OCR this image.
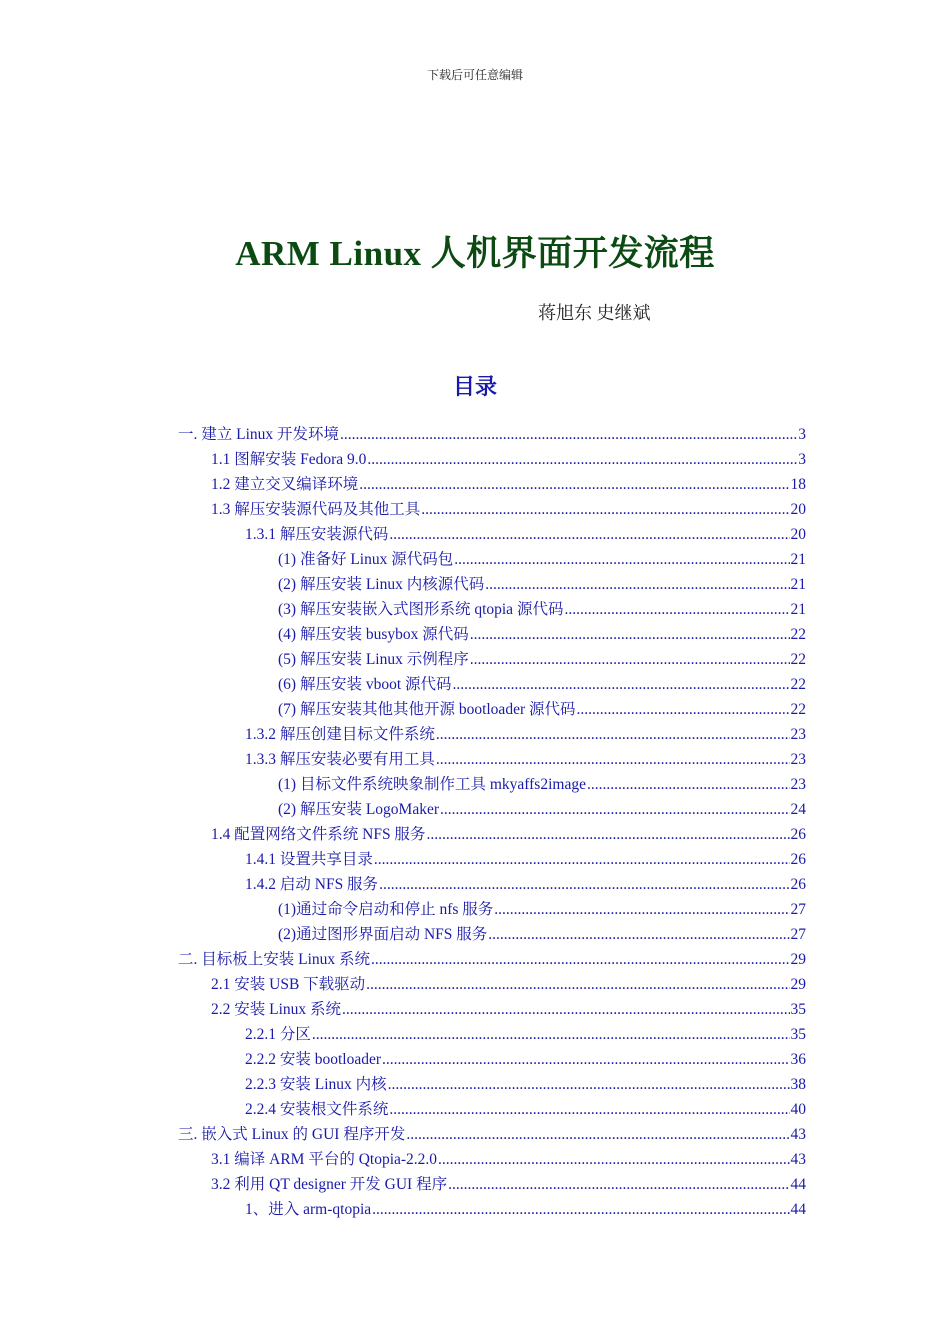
下载后可任意编辑
ARM Linux 人机界面开发流程
蒋旭东 史继斌
目录
一. 建立 Linux 开发环境 .....	3
1.1 图解安装 Fedora 9.0 .....	3
1.2 建立交叉编译环境 .....	18
1.3 解压安装源代码及其他工具 .....	20
1.3.1 解压安装源代码 .....	20
(1) 准备好 Linux 源代码包 .....	21
(2) 解压安装 Linux 内核源代码 .....	21
(3) 解压安装嵌入式图形系统 qtopia 源代码 .....	21
(4) 解压安装 busybox 源代码 .....	22
(5) 解压安装 Linux 示例程序 .....	22
(6) 解压安装 vboot 源代码 .....	22
(7) 解压安装其他其他开源 bootloader 源代码 .....	22
1.3.2 解压创建目标文件系统 .....	23
1.3.3 解压安装必要有用工具 .....	23
(1) 目标文件系统映象制作工具 mkyaffs2image .....	23
(2) 解压安装 LogoMaker .....	24
1.4 配置网络文件系统 NFS 服务 .....	26
1.4.1 设置共享目录 .....	26
1.4.2 启动 NFS 服务 .....	26
(1)通过命令启动和停止 nfs 服务 .....	27
(2)通过图形界面启动 NFS 服务 .....	27
二. 目标板上安装 Linux 系统 .....	29
2.1 安装 USB 下载驱动 .....	29
2.2 安装 Linux 系统 .....	35
2.2.1 分区 .....	35
2.2.2 安装 bootloader .....	36
2.2.3 安装 Linux 内核 .....	38
2.2.4 安装根文件系统 .....	40
三. 嵌入式 Linux 的 GUI 程序开发 .....	43
3.1 编译 ARM 平台的 Qtopia-2.2.0 .....	43
3.2 利用 QT designer 开发 GUI 程序 .....	44
1、进入 arm-qtopia .....	44
